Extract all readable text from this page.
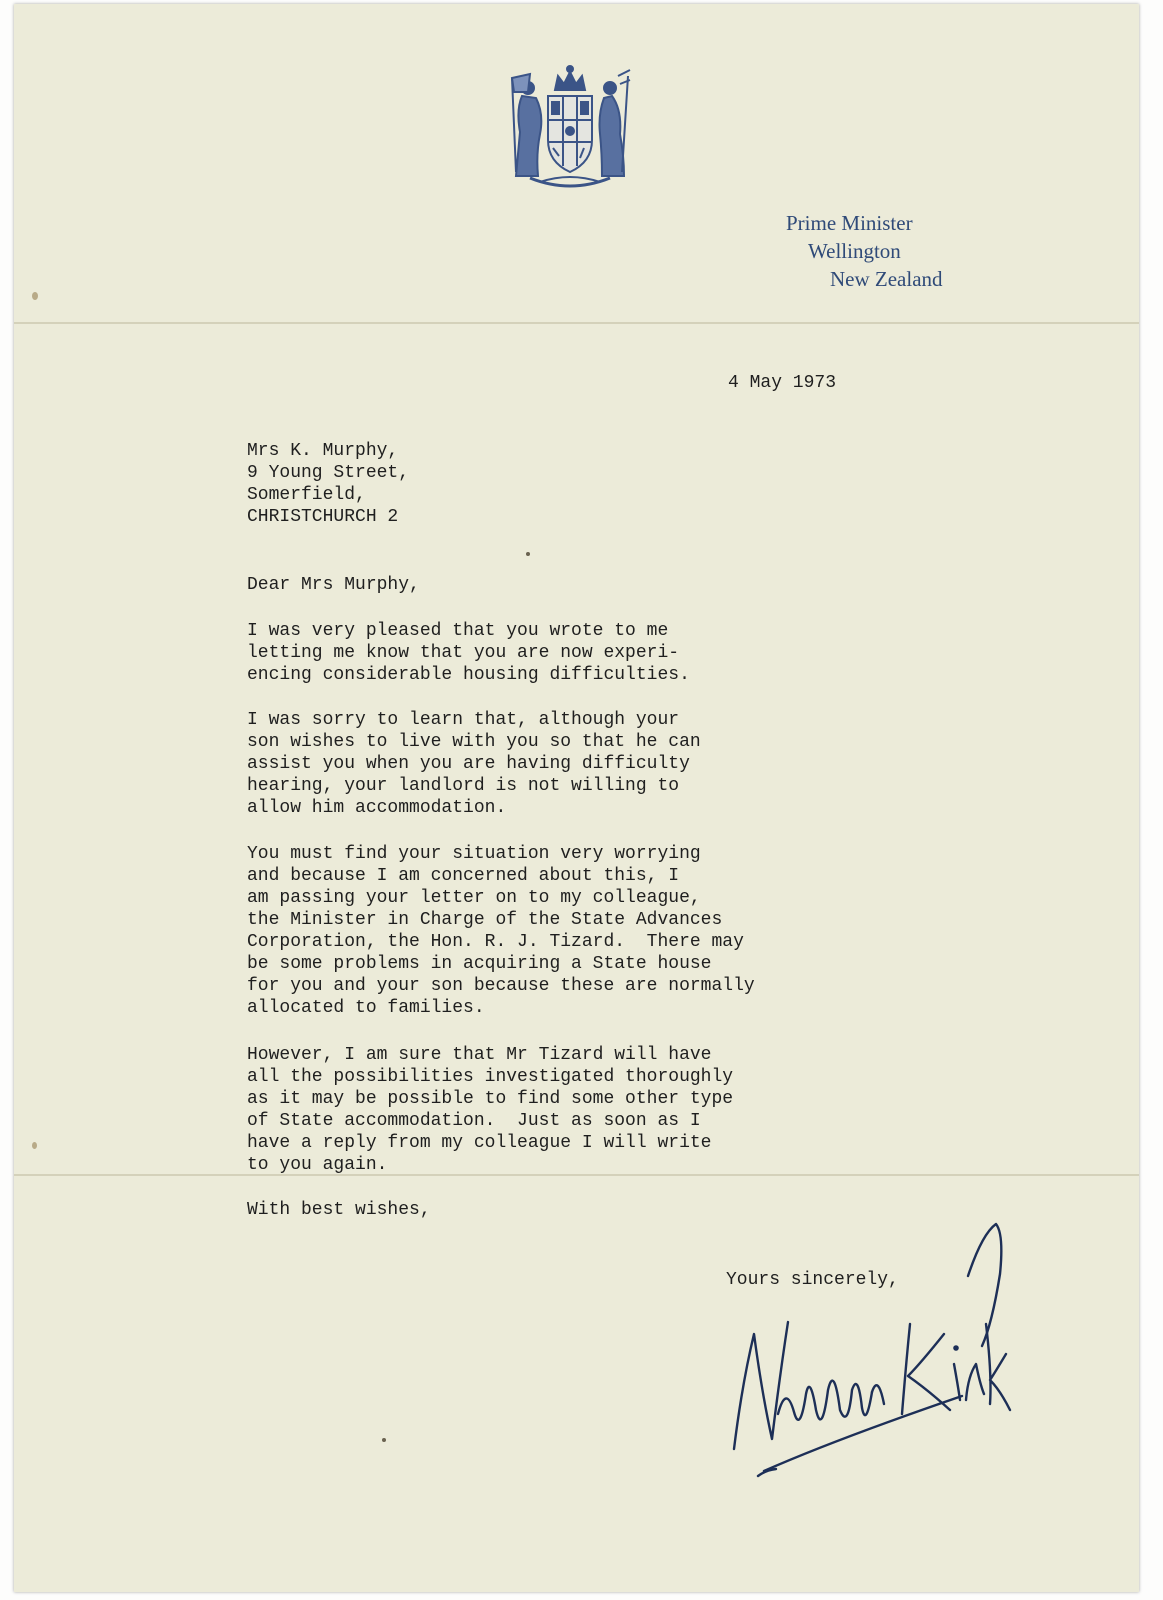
Prime Minister
Wellington
New Zealand
4 May 1973
Mrs K. Murphy,
9 Young Street,
Somerfield,
CHRISTCHURCH 2
Dear Mrs Murphy,
I was very pleased that you wrote to me
letting me know that you are now experi-
encing considerable housing difficulties.
I was sorry to learn that, although your
son wishes to live with you so that he can
assist you when you are having difficulty
hearing, your landlord is not willing to
allow him accommodation.
You must find your situation very worrying
and because I am concerned about this, I
am passing your letter on to my colleague,
the Minister in Charge of the State Advances
Corporation, the Hon. R. J. Tizard.  There may
be some problems in acquiring a State house
for you and your son because these are normally
allocated to families.
However, I am sure that Mr Tizard will have
all the possibilities investigated thoroughly
as it may be possible to find some other type
of State accommodation.  Just as soon as I
have a reply from my colleague I will write
to you again.
With best wishes,
Yours sincerely,
